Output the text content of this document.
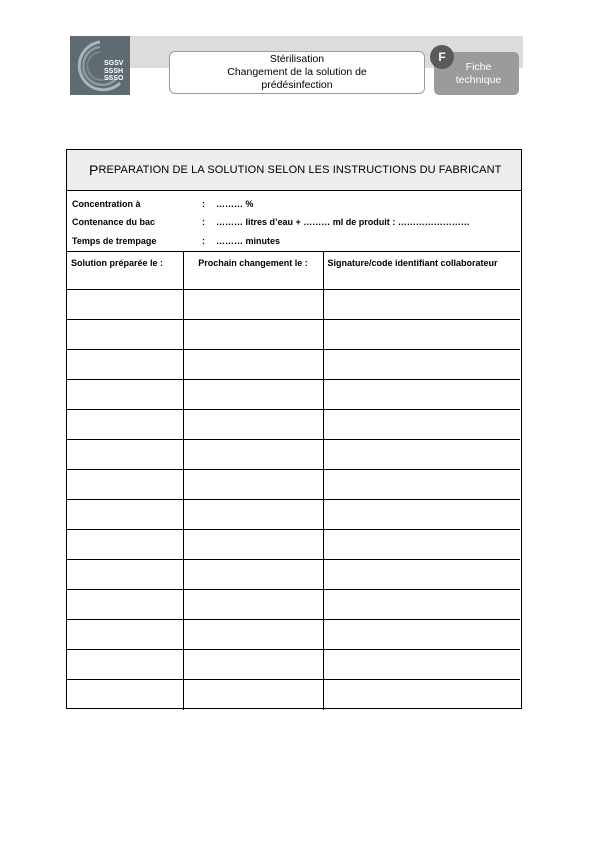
SGSV
SSSH
SSSO
Stérilisation
Changement de la solution de
prédésinfection
Fiche
technique
F
P REPARATION DE LA SOLUTION SELON LES INSTRUCTIONS DU FABRICANT
Concentration à	: ……… %
Contenance du bac	: ……… litres d’eau + ……… ml de produit : ……………………
Temps de trempage	: ……… minutes
Solution préparée le :	Prochain changement le :	Signature/code identifiant collaborateur
